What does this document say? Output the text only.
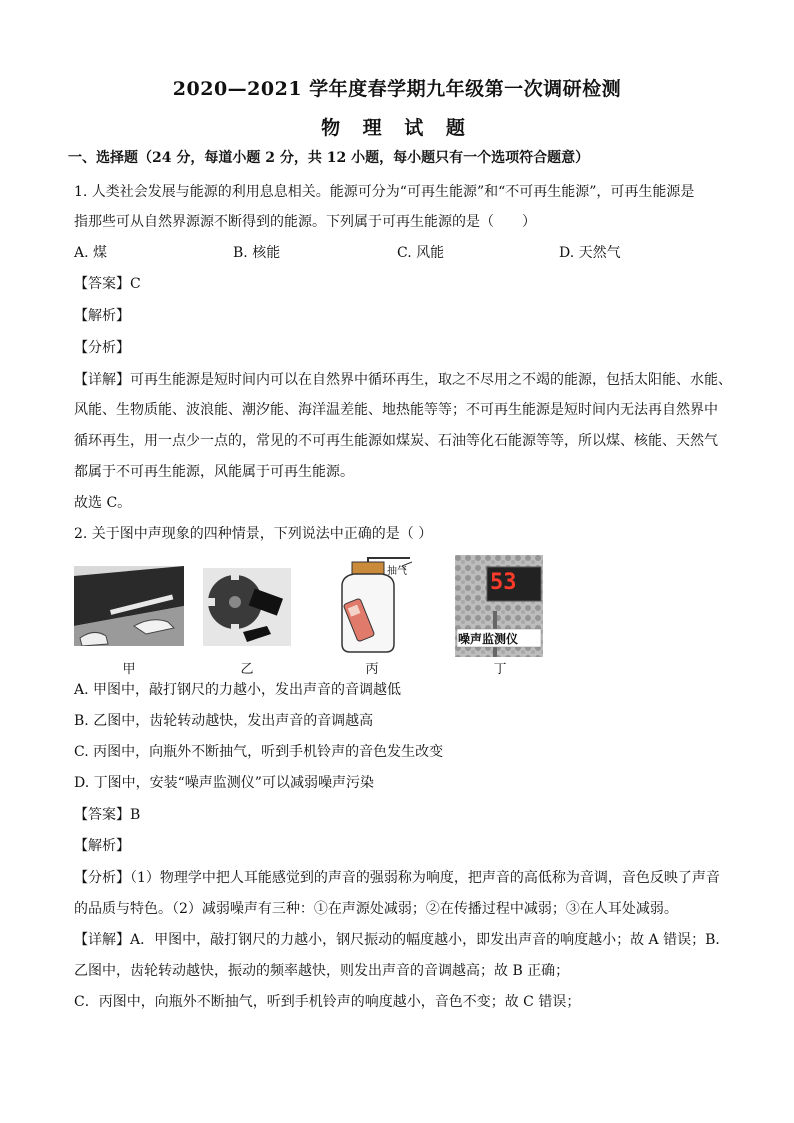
2020—2021 学年度春学期九年级第一次调研检测
物 理 试 题
一、选择题（24 分，每道小题 2 分，共 12 小题，每小题只有一个选项符合题意）
1. 人类社会发展与能源的利用息息相关。能源可分为“可再生能源”和“不可再生能源”，可再生能源是
指那些可从自然界源源不断得到的能源。下列属于可再生能源的是（　　）
A. 煤	B. 核能	C. 风能	D. 天然气
【答案】C
【解析】
【分析】
【详解】可再生能源是短时间内可以在自然界中循环再生，取之不尽用之不竭的能源，包括太阳能、水能、
风能、生物质能、波浪能、潮汐能、海洋温差能、地热能等等；不可再生能源是短时间内无法再自然界中
循环再生，用一点少一点的，常见的不可再生能源如煤炭、石油等化石能源等等，所以煤、核能、天然气
都属于不可再生能源，风能属于可再生能源。
故选 C。
2. 关于图中声现象的四种情景，下列说法中正确的是（ ）
甲	乙
抽气
丙
53
噪声监测仪
丁
A. 甲图中，敲打钢尺的力越小，发出声音的音调越低
B. 乙图中，齿轮转动越快，发出声音的音调越高
C. 丙图中，向瓶外不断抽气，听到手机铃声的音色发生改变
D. 丁图中，安装“噪声监测仪”可以减弱噪声污染
【答案】B
【解析】
【分析】（1）物理学中把人耳能感觉到的声音的强弱称为响度，把声音的高低称为音调，音色反映了声音
的品质与特色。（2）减弱噪声有三种：①在声源处减弱；②在传播过程中减弱；③在人耳处减弱。
【详解】A．甲图中，敲打钢尺的力越小，钢尺振动的幅度越小，即发出声音的响度越小；故 A 错误；B．
乙图中，齿轮转动越快，振动的频率越快，则发出声音的音调越高；故 B 正确；
C．丙图中，向瓶外不断抽气，听到手机铃声的响度越小，音色不变；故 C 错误；
